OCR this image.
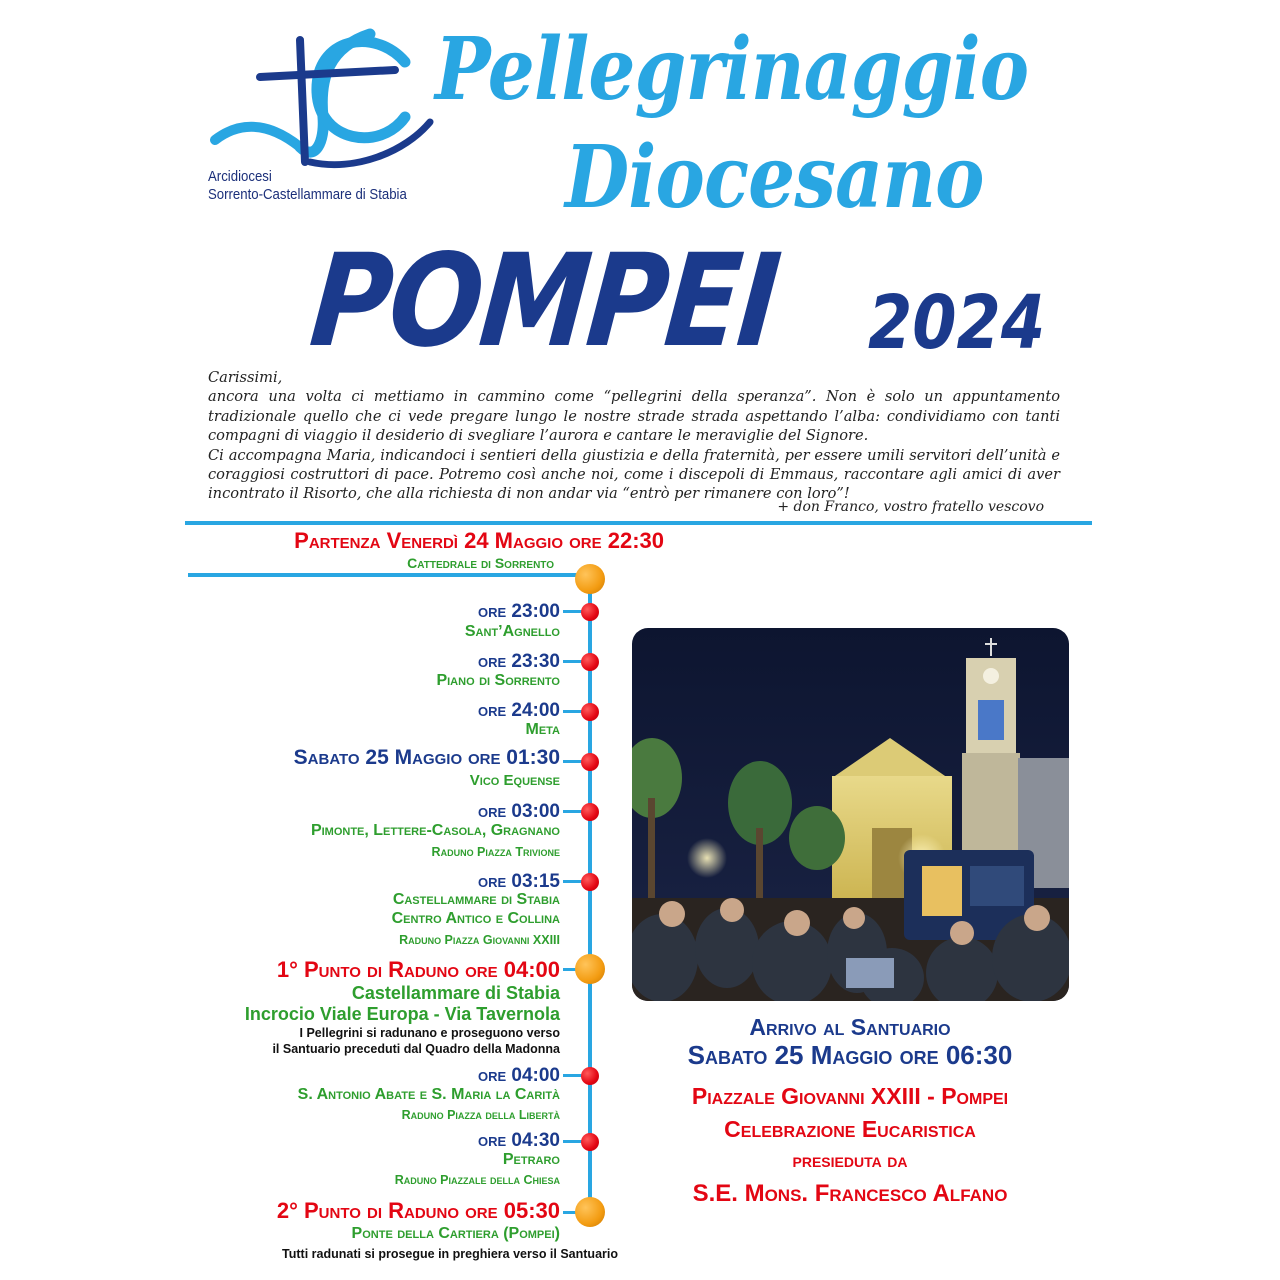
Arcidiocesi
Sorrento-Castellammare di Stabia
Pellegrinaggio
Diocesano
POMPEI 2024

Carissimi,

ancora una volta ci mettiamo in cammino come “pellegrini della speranza”. Non è solo un appuntamento tradizionale quello che ci vede pregare lungo le nostre strade strada aspettando l’alba: condividiamo con tanti compagni di viaggio il desiderio di svegliare l’aurora e cantare le meraviglie del Signore.

Ci accompagna Maria, indicandoci i sentieri della giustizia e della fraternità, per essere umili servitori dell’unità e coraggiosi costruttori di pace. Potremo così anche noi, come i discepoli di Emmaus, raccontare agli amici di aver incontrato il Risorto, che alla richiesta di non andar via “entrò per rimanere con loro”!

+ don Franco, vostro fratello vescovo
Partenza Venerdì 24 Maggio ore 22:30
Cattedrale di Sorrento
ore 23:00
Sant’Agnello
ore 23:30
Piano di Sorrento
ore 24:00
Meta
Sabato 25 Maggio ore 01:30
Vico Equense
ore 03:00
Pimonte, Lettere-Casola, Gragnano
Raduno Piazza Trivione
ore 03:15
Castellammare di Stabia
Centro Antico e Collina
Raduno Piazza Giovanni XXIII
1° Punto di Raduno ore 04:00
Castellammare di Stabia
Incrocio Viale Europa - Via Tavernola
I Pellegrini si radunano e proseguono verso
il Santuario preceduti dal Quadro della Madonna
ore 04:00
S. Antonio Abate e S. Maria la Carità
Raduno Piazza della Libertà
ore 04:30
Petraro
Raduno Piazzale della Chiesa
2° Punto di Raduno ore 05:30
Ponte della Cartiera (Pompei)
Tutti radunati si prosegue in preghiera verso il Santuario
Arrivo al Santuario
Sabato 25 Maggio ore 06:30
Piazzale Giovanni XXIII - Pompei
Celebrazione Eucaristica
presieduta da
S.E. Mons. Francesco Alfano
